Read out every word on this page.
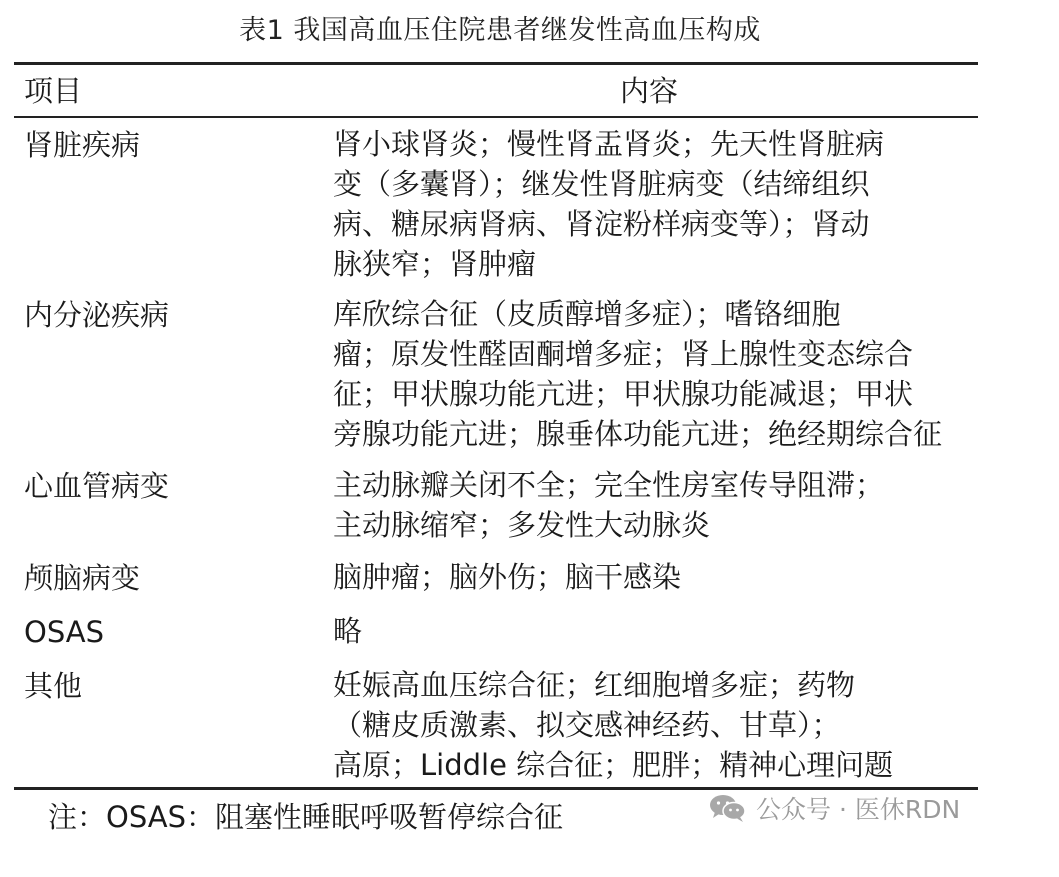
表1 我国高血压住院患者继发性高血压构成
项目	内容
肾脏疾病	肾小球肾炎；慢性肾盂肾炎；先天性肾脏病
变（多囊肾）；继发性肾脏病变（结缔组织
病、糖尿病肾病、肾淀粉样病变等）；肾动
脉狭窄；肾肿瘤
内分泌疾病	库欣综合征（皮质醇增多症）；嗜铬细胞
瘤；原发性醛固酮增多症；肾上腺性变态综合
征；甲状腺功能亢进；甲状腺功能减退；甲状
旁腺功能亢进；腺垂体功能亢进；绝经期综合征
心血管病变	主动脉瓣关闭不全；完全性房室传导阻滞；
主动脉缩窄；多发性大动脉炎
颅脑病变	脑肿瘤；脑外伤；脑干感染
OSAS	略
其他	妊娠高血压综合征；红细胞增多症；药物
（糖皮质激素、拟交感神经药、甘草）；
高原；Liddle 综合征；肥胖；精神心理问题
注：OSAS：阻塞性睡眠呼吸暂停综合征	公众号 · 医休RDN
